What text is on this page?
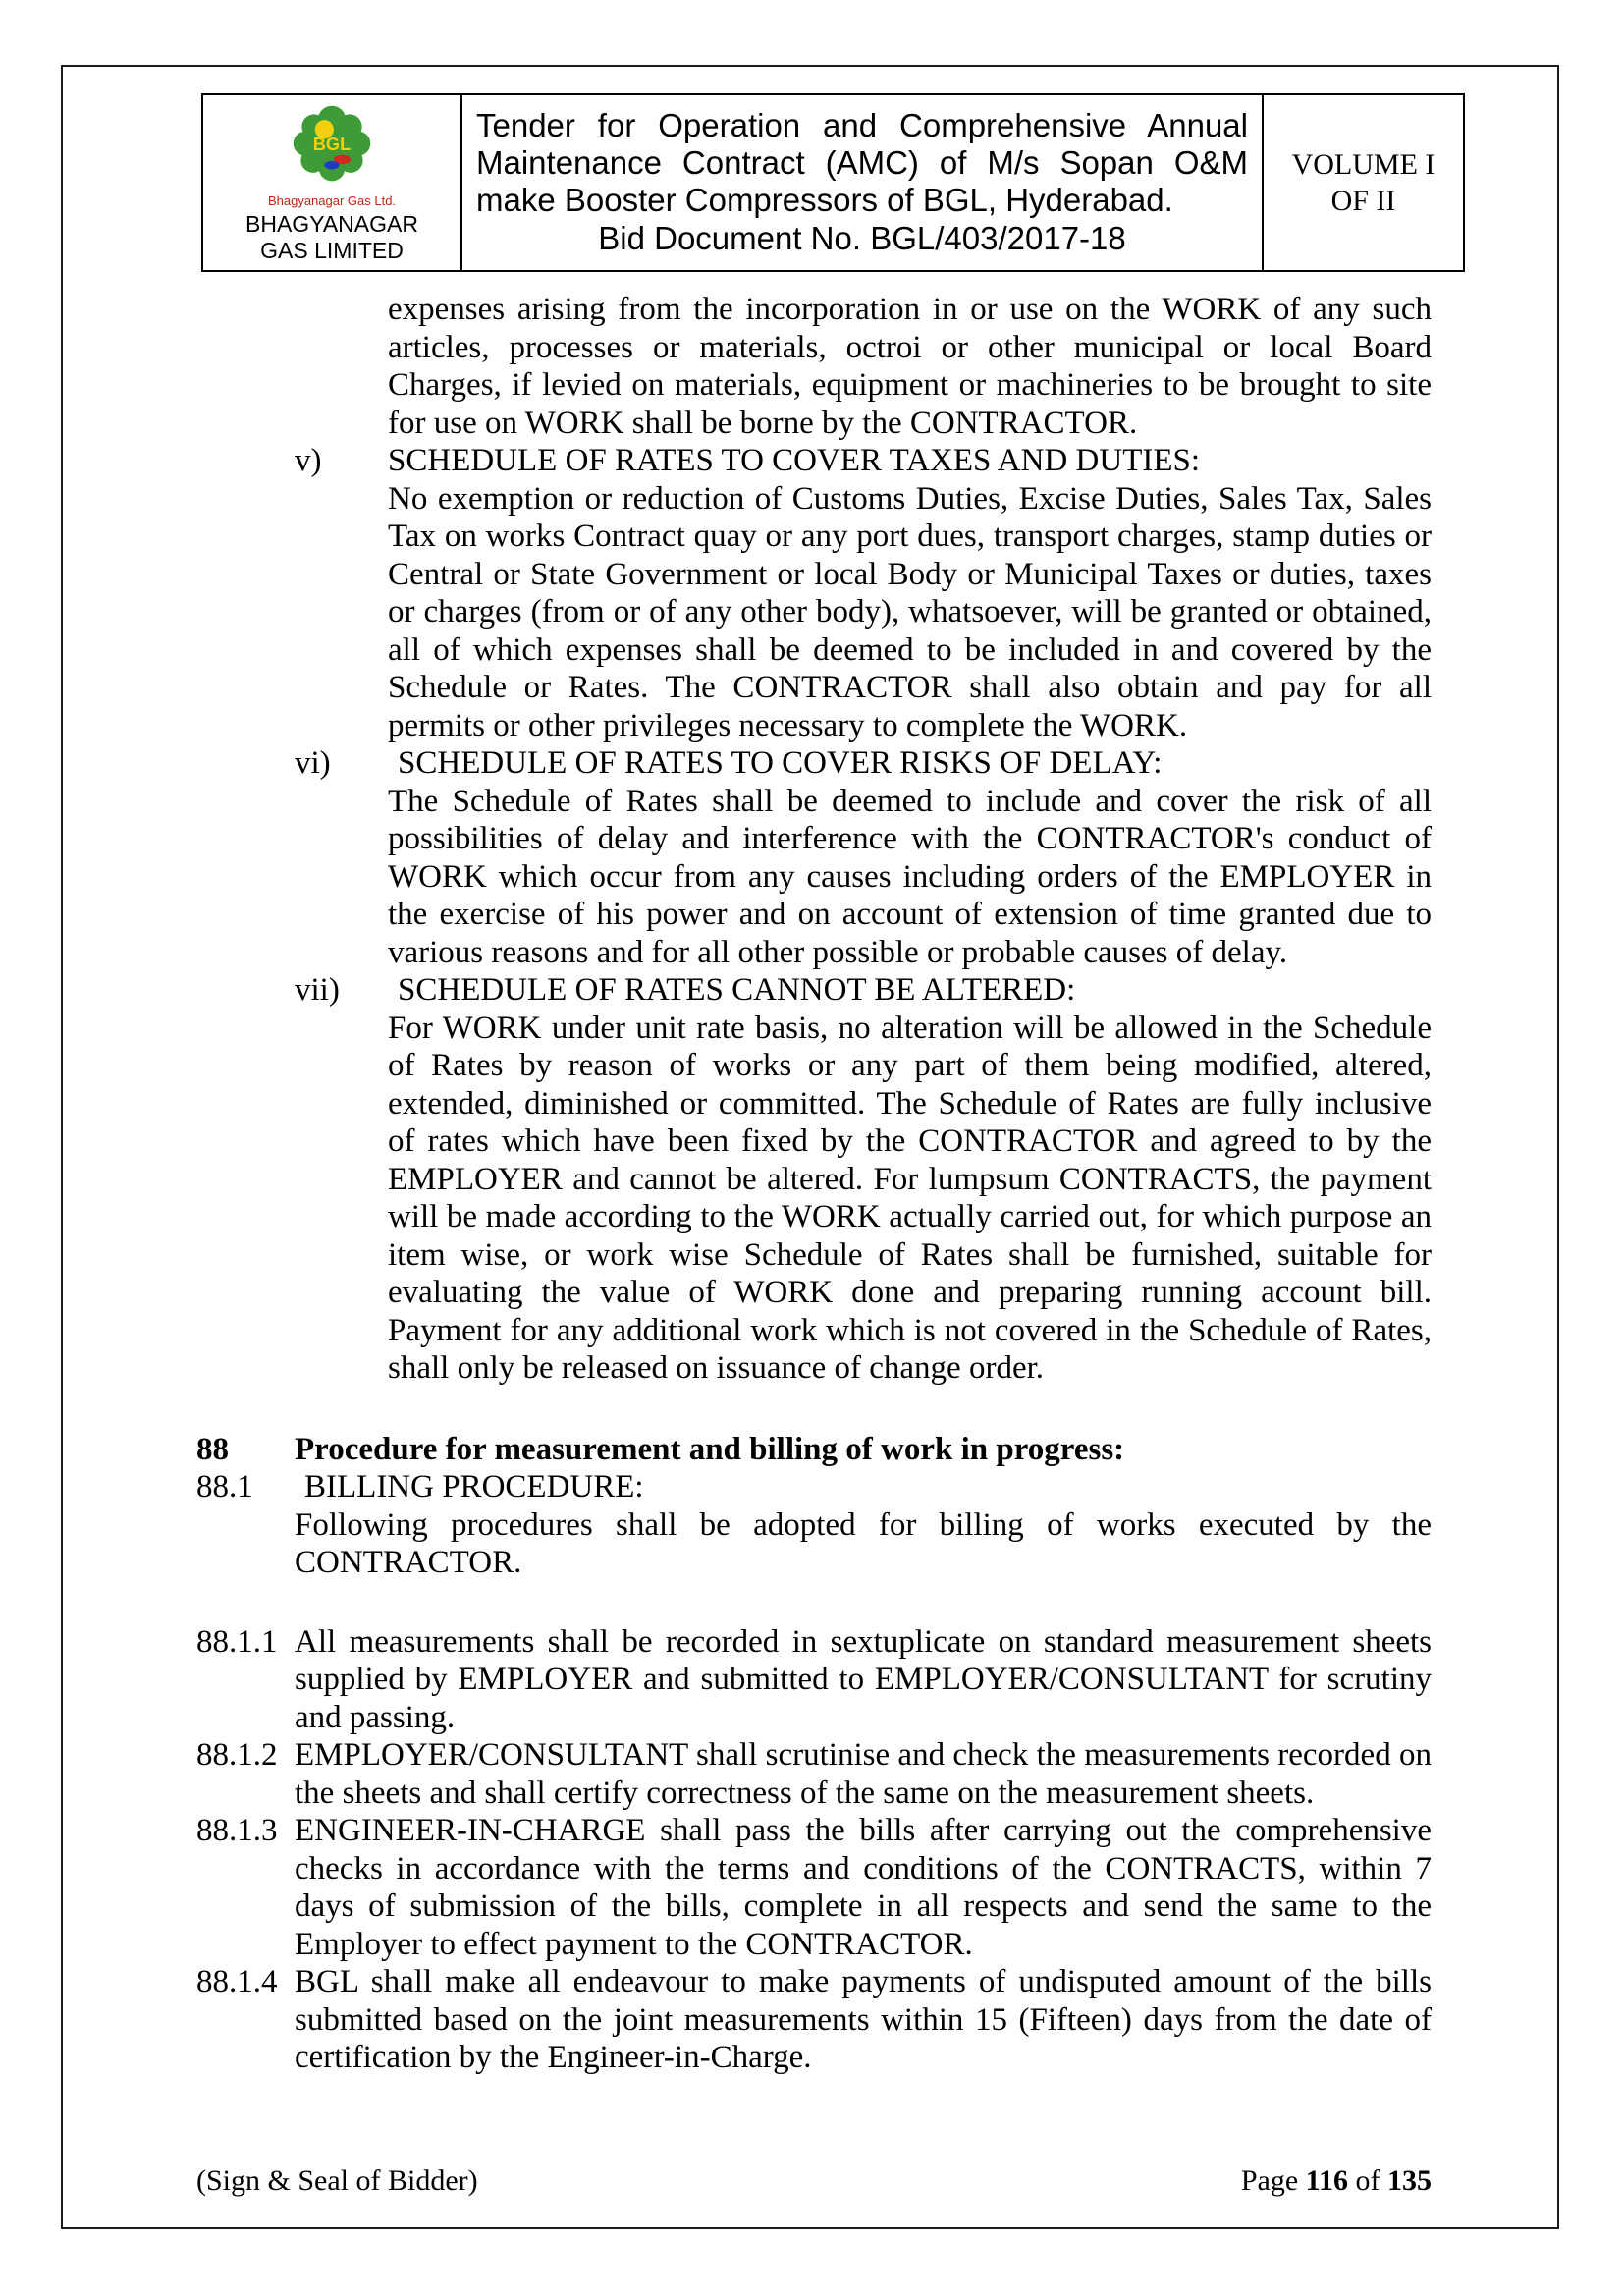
BGL
Bhagyanagar Gas Ltd.
BHAGYANAGAR GAS LIMITED
Tender for Operation and Comprehensive Annual Maintenance Contract (AMC) of M/s Sopan O&M make Booster Compressors of BGL, Hyderabad.
Bid Document No. BGL/403/2017-18
VOLUME I
OF II
expenses arising from the incorporation in or use on the WORK of any such articles, processes or materials, octroi or other municipal or local Board Charges, if levied on materials, equipment or machineries to be brought to site for use on WORK shall be borne by the CONTRACTOR.
v) SCHEDULE OF RATES TO COVER TAXES AND DUTIES:
No exemption or reduction of Customs Duties, Excise Duties, Sales Tax, Sales Tax on works Contract quay or any port dues, transport charges, stamp duties or Central or State Government or local Body or Municipal Taxes or duties, taxes or charges (from or of any other body), whatsoever, will be granted or obtained, all of which expenses shall be deemed to be included in and covered by the Schedule or Rates. The CONTRACTOR shall also obtain and pay for all permits or other privileges necessary to complete the WORK.
vi)	SCHEDULE OF RATES TO COVER RISKS OF DELAY:
The Schedule of Rates shall be deemed to include and cover the risk of all possibilities of delay and interference with the CONTRACTOR's conduct of WORK which occur from any causes including orders of the EMPLOYER in the exercise of his power and on account of extension of time granted due to various reasons and for all other possible or probable causes of delay.
vii)	SCHEDULE OF RATES CANNOT BE ALTERED:
For WORK under unit rate basis, no alteration will be allowed in the Schedule of Rates by reason of works or any part of them being modified, altered, extended, diminished or committed. The Schedule of Rates are fully inclusive of rates which have been fixed by the CONTRACTOR and agreed to by the EMPLOYER and cannot be altered. For lumpsum CONTRACTS, the payment will be made according to the WORK actually carried out, for which purpose an item wise, or work wise Schedule of Rates shall be furnished, suitable for evaluating the value of WORK done and preparing running account bill. Payment for any additional work which is not covered in the Schedule of Rates, shall only be released on issuance of change order.
88 Procedure for measurement and billing of work in progress:
88.1	BILLING PROCEDURE:
Following procedures shall be adopted for billing of works executed by the CONTRACTOR.
88.1.1 All measurements shall be recorded in sextuplicate on standard measurement sheets supplied by EMPLOYER and submitted to EMPLOYER/CONSULTANT for scrutiny and passing.
88.1.2 EMPLOYER/CONSULTANT shall scrutinise and check the measurements recorded on the sheets and shall certify correctness of the same on the measurement sheets.
88.1.3 ENGINEER-IN-CHARGE shall pass the bills after carrying out the comprehensive checks in accordance with the terms and conditions of the CONTRACTS, within 7 days of submission of the bills, complete in all respects and send the same to the Employer to effect payment to the CONTRACTOR.
88.1.4 BGL shall make all endeavour to make payments of undisputed amount of the bills submitted based on the joint measurements within 15 (Fifteen) days from the date of certification by the Engineer-in-Charge.
(Sign & Seal of Bidder)	Page 116 of 135
